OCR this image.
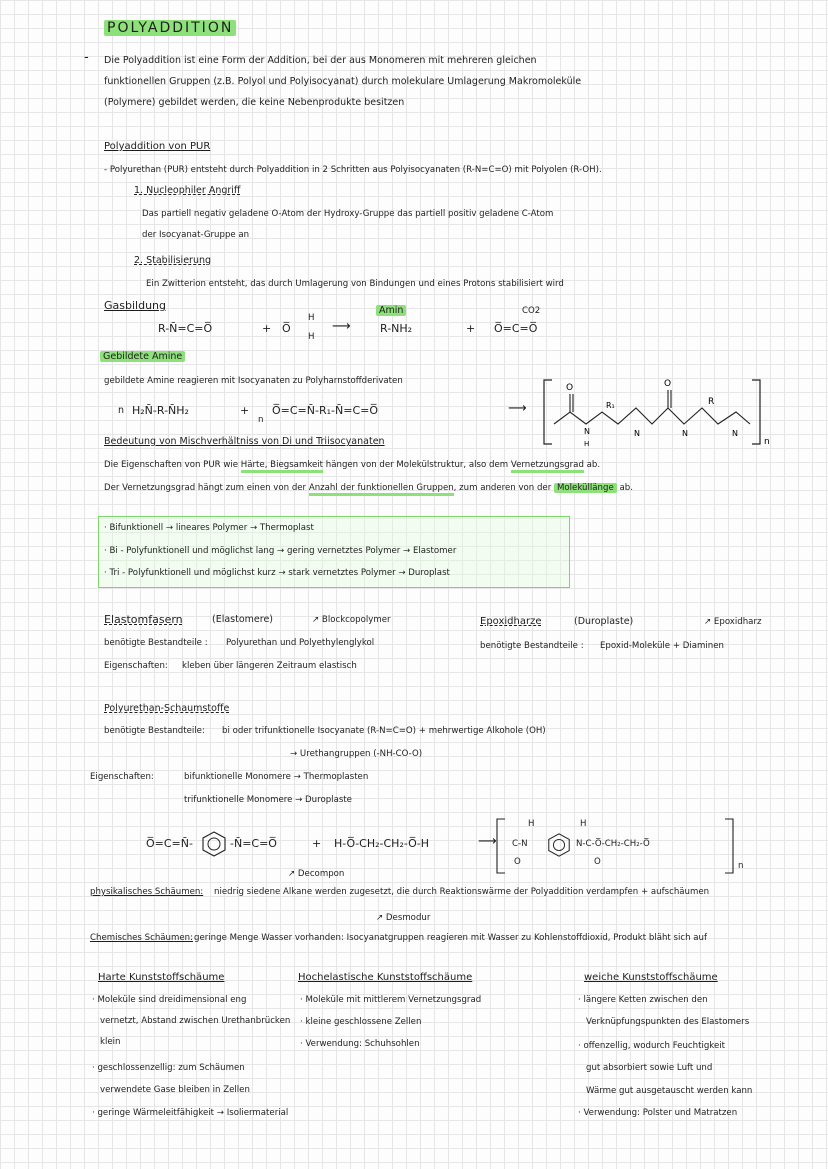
POLYADDITION
- Die Polyaddition ist eine Form der Addition, bei der aus Monomeren mit mehreren gleichen
funktionellen Gruppen (z.B. Polyol und Polyisocyanat) durch molekulare Umlagerung Makromoleküle
(Polymere) gebildet werden, die keine Nebenprodukte besitzen
Polyaddition von PUR
- Polyurethan (PUR) entsteht durch Polyaddition in 2 Schritten aus Polyisocyanaten (R-N=C=O) mit Polyolen (R-OH).
1. Nucleophiler Angriff
Das partiell negativ geladene O-Atom der Hydroxy-Gruppe das partiell positiv geladene C-Atom
der Isocyanat-Gruppe an
2. Stabilisierung
Ein Zwitterion entsteht, das durch Umlagerung von Bindungen und eines Protons stabilisiert wird
Gasbildung
R-N̄=C=O̅	+ O̅
H
H
⟶
Amin
R-NH₂	+
CO2
O̅=C=O̅
Gebildete Amine
gebildete Amine reagieren mit Isocyanaten zu Polyharnstoffderivaten
n H₂N̄-R-N̄H₂	+
n
O̅=C=N̄-R₁-N̄=C=O̅	⟶
O	O
R₁	R
N	N	N	N
H	n
Bedeutung von Mischverhältniss von Di und Triisocyanaten
Die Eigenschaften von PUR wie Härte, Biegsamkeit hängen von der Molekülstruktur, also dem Vernetzungsgrad ab.
Der Vernetzungsgrad hängt zum einen von der Anzahl der funktionellen Gruppen, zum anderen von der Moleküllänge ab.
· Bifunktionell → lineares Polymer → Thermoplast
· Bi - Polyfunktionell und möglichst lang → gering vernetztes Polymer → Elastomer
· Tri - Polyfunktionell und möglichst kurz → stark vernetztes Polymer → Duroplast
Elastomfasern	(Elastomere)	↗ Blockcopolymer
benötigte Bestandteile : Polyurethan und Polyethylenglykol
Eigenschaften: kleben über längeren Zeitraum elastisch
Epoxidharze	(Duroplaste)	↗ Epoxidharz
benötigte Bestandteile : Epoxid-Moleküle + Diaminen
Polyurethan-Schaumstoffe
benötigte Bestandteile: bi oder trifunktionelle Isocyanate (R-N=C=O) + mehrwertige Alkohole (OH)
→ Urethangruppen (-NH-CO-O)
Eigenschaften:	bifunktionelle Monomere → Thermoplasten
trifunktionelle Monomere → Duroplaste
O̅=C=N̄-	-N̄=C=O̅	+ H-O̅-CH₂-CH₂-O̅-H	⟶
H
C-N
O
H
N-C-O̅-CH₂-CH₂-O̅
O	n
↗ Decompon
physikalisches Schäumen: niedrig siedene Alkane werden zugesetzt, die durch Reaktionswärme der Polyaddition verdampfen + aufschäumen
↗ Desmodur
Chemisches Schäumen: geringe Menge Wasser vorhanden: Isocyanatgruppen reagieren mit Wasser zu Kohlenstoffdioxid, Produkt bläht sich auf
Harte Kunststoffschäume
· Moleküle sind dreidimensional eng
vernetzt, Abstand zwischen Urethanbrücken
klein
· geschlossenzellig: zum Schäumen
verwendete Gase bleiben in Zellen
· geringe Wärmeleitfähigkeit → Isoliermaterial
Hochelastische Kunststoffschäume
· Moleküle mit mittlerem Vernetzungsgrad
· kleine geschlossene Zellen
· Verwendung: Schuhsohlen
weiche Kunststoffschäume
· längere Ketten zwischen den
Verknüpfungspunkten des Elastomers
· offenzellig, wodurch Feuchtigkeit
gut absorbiert sowie Luft und
Wärme gut ausgetauscht werden kann
· Verwendung: Polster und Matratzen
